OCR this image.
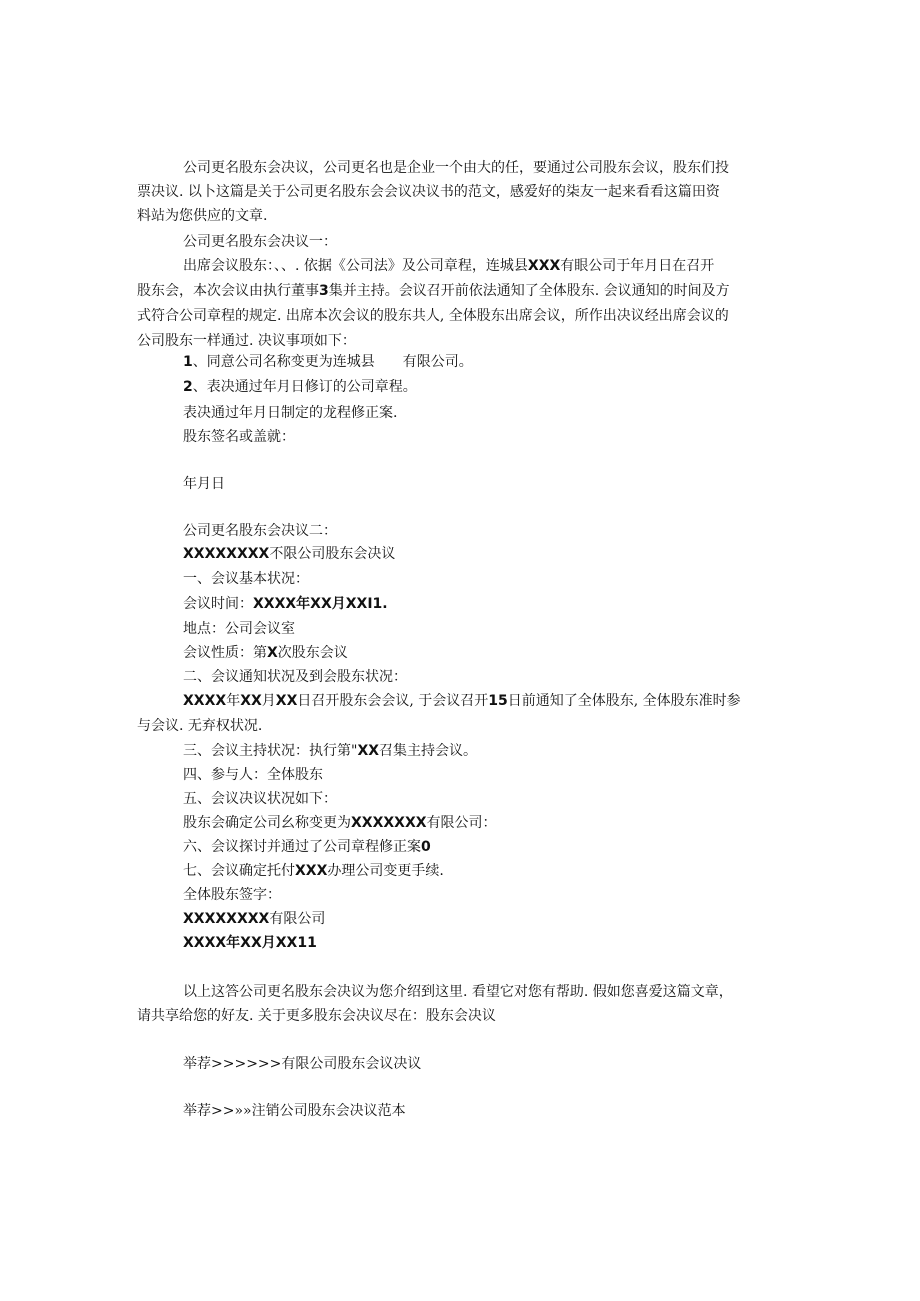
公司更名股东会决议，公司更名也是企业一个由大的任，要通过公司股东会议，股东们投
票决议. 以卜这篇是关于公司更名股东会会议决议书的范文，感爱好的柒友一起来看看这篇田资
料站为您供应的文章.
公司更名股东会决议一：
出席会议股东：、、. 依据《公司法》及公司章程，连城县XXX有眼公司于年月日在召开
股东会，本次会议由执行董事3集并主持。会议召开前依法通知了全体股东. 会议通知的时间及方
式符合公司章程的规定. 出席本次会议的股东共人, 全体股东出席会议，所作出决议经出席会议的
公司股东一样通过. 决议事项如下：
1、同意公司名称变更为连城县　　有限公司。
2、表决通过年月日修订的公司章程。
表决通过年月日制定的龙程修正案.
股东签名或盖就：
年月日
公司更名股东会决议二：
XXXXXXXX不限公司股东会决议
一、会议基本状况：
会议时间：XXXX年XX月XXI1.
地点：公司会议室
会议性质：第X次股东会议
二、会议通知状况及到会股东状况：
XXXX年XX月XX日召开股东会会议, 于会议召开15日前通知了全体股东, 全体股东准时参
与会议. 无弃权状况.
三、会议主持状况：执行第"XX召集主持会议。
四、参与人：全体股东
五、会议决议状况如下：
股东会确定公司幺称变更为XXXXXXX有限公司：
六、会议探讨并通过了公司章程修正案0
七、会议确定托付XXX办理公司变更手续.
全体股东签字：
XXXXXXXX有限公司
XXXX年XX月XX11
以上这答公司更名股东会决议为您介绍到这里. 看望它对您有帮助. 假如您喜爱这篇文章，
请共享给您的好友. 关于更多股东会决议尽在：股东会决议
举荐>>>>>>有限公司股东会议决议
举荐>>»»注销公司股东会决议范本
